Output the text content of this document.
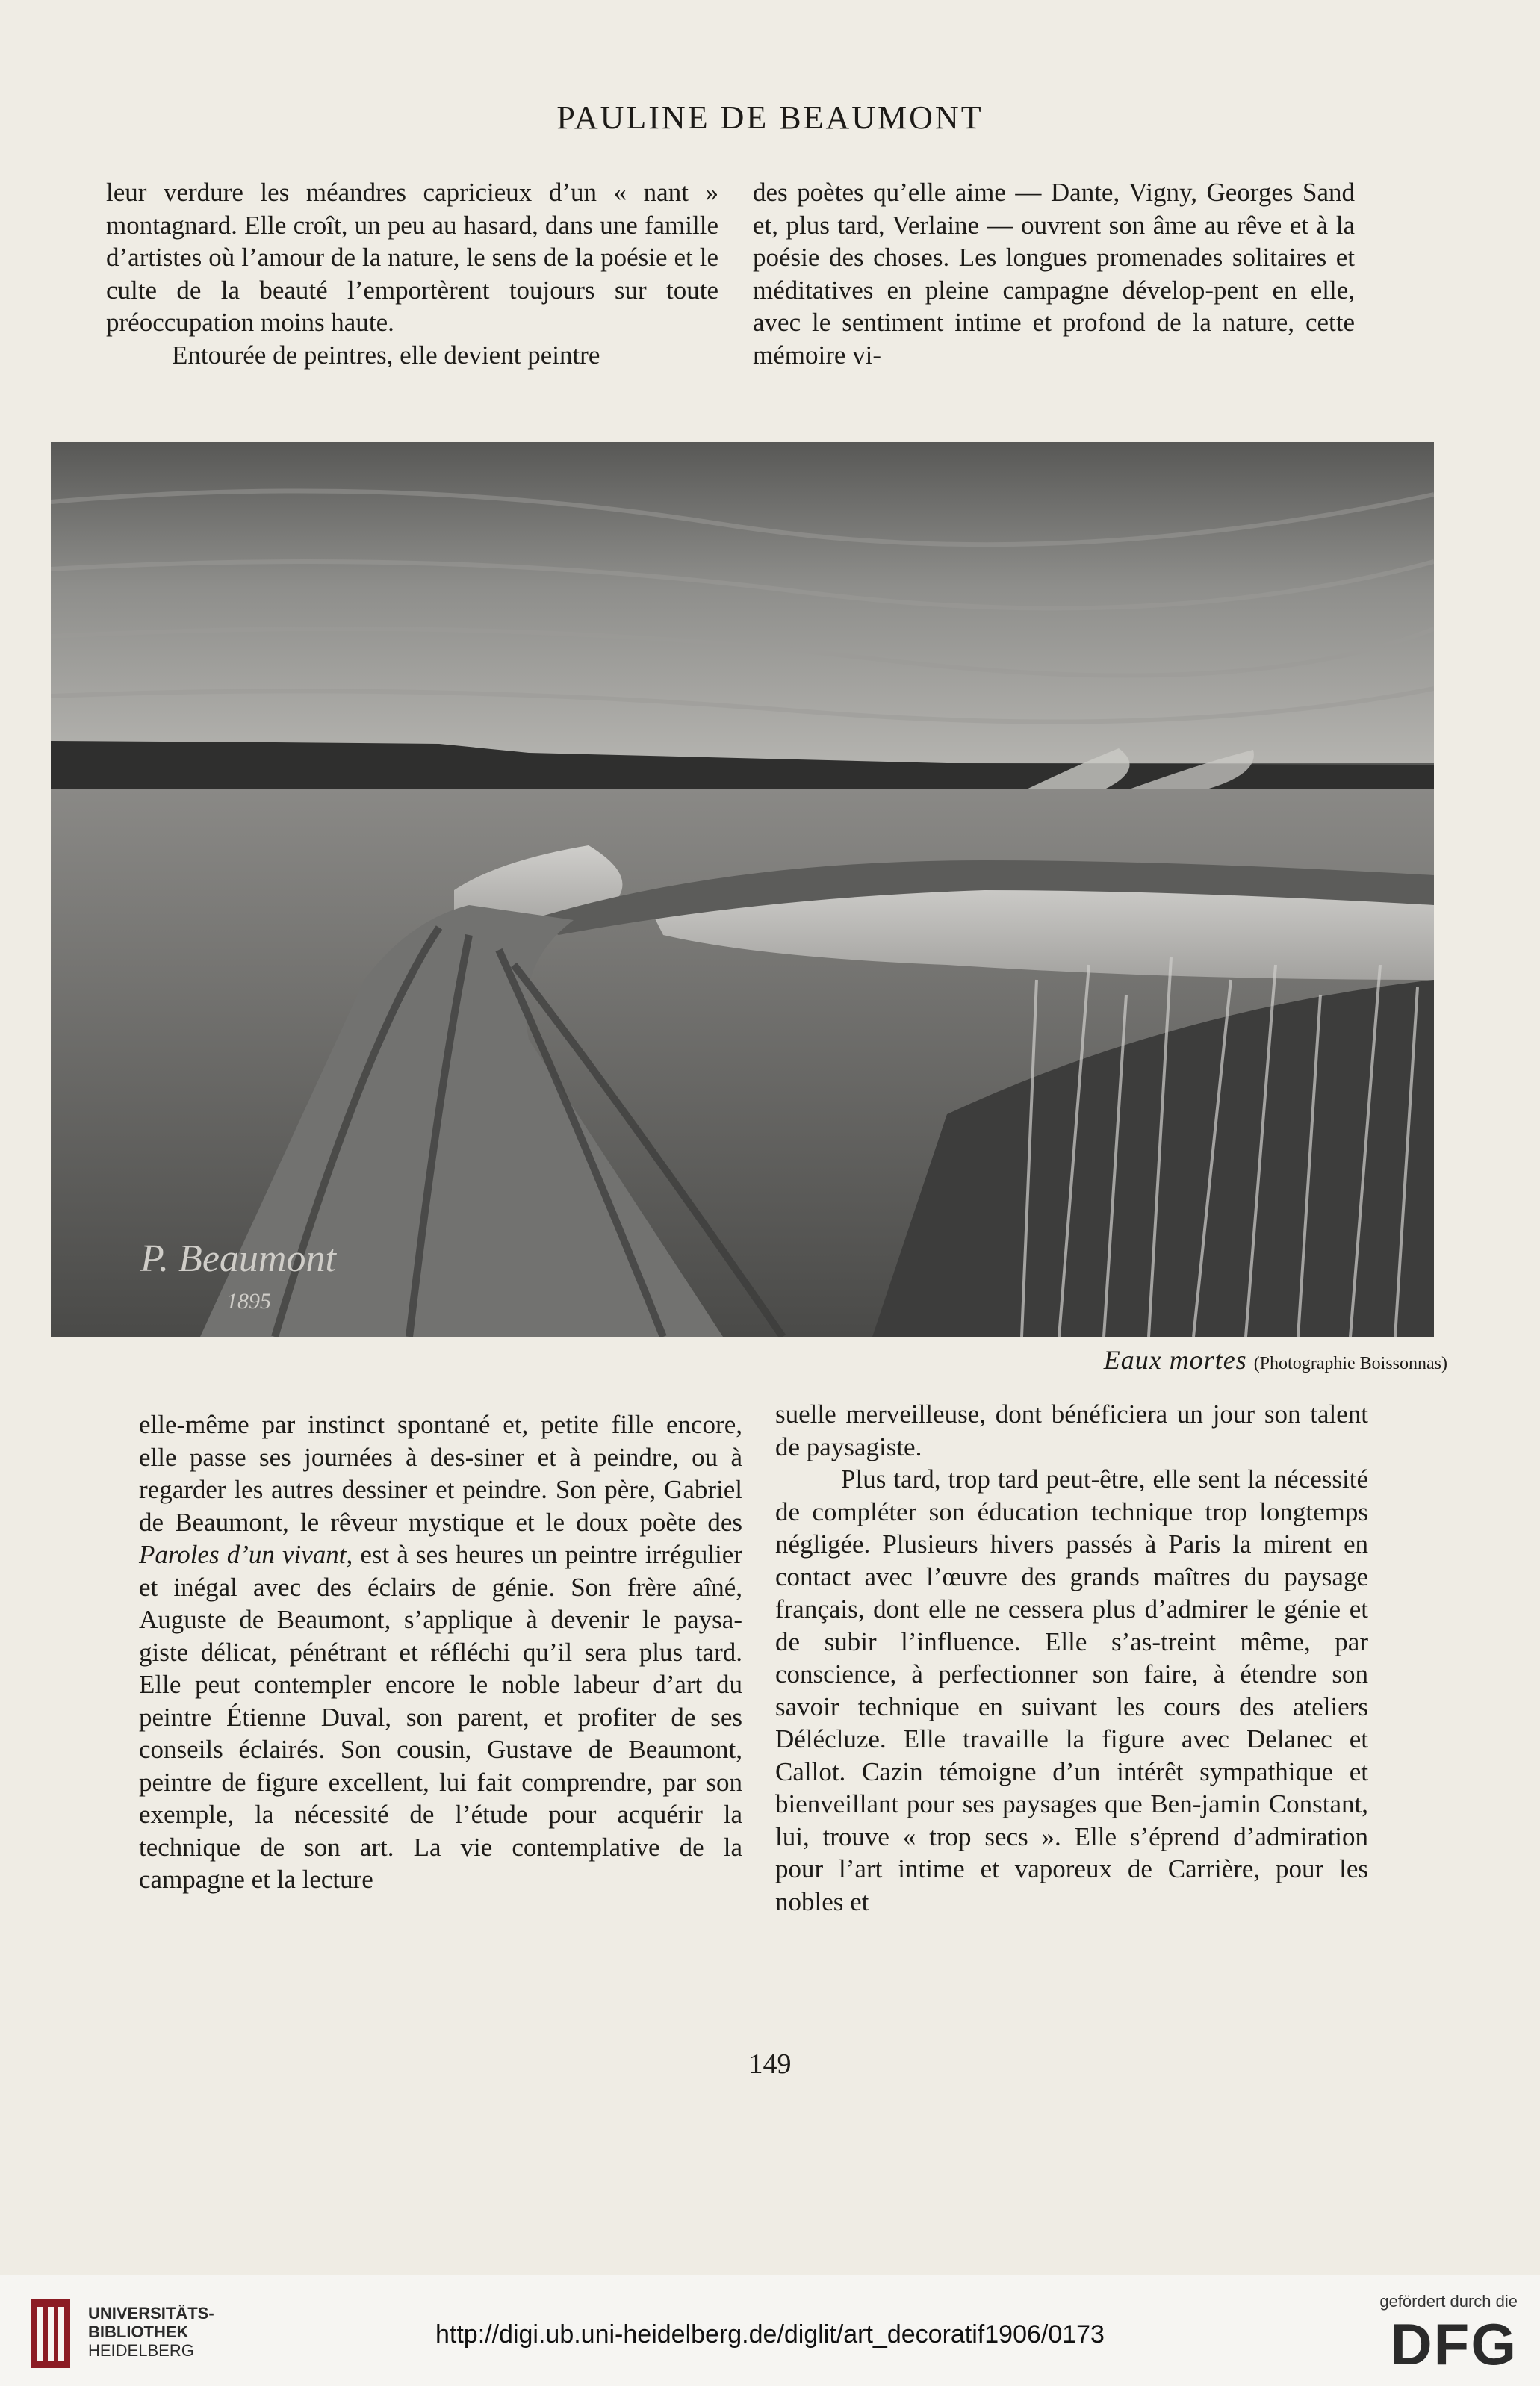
PAULINE DE BEAUMONT

leur verdure les méandres capricieux d’un « nant » montagnard. Elle croît, un peu au hasard, dans une famille d’artistes où l’amour de la nature, le sens de la poésie et le culte de la beauté l’emportèrent toujours sur toute préoccupation moins haute.

Entourée de peintres, elle devient peintre

des poètes qu’elle aime — Dante, Vigny, Georges Sand et, plus tard, Verlaine — ouvrent son âme au rêve et à la poésie des choses. Les longues promenades solitaires et méditatives en pleine campagne dévelop-pent en elle, avec le sentiment intime et profond de la nature, cette mémoire vi-

P. Beaumont
1895
Eaux mortes (Photographie Boissonnas)

elle-même par instinct spontané et, petite fille encore, elle passe ses journées à des-siner et à peindre, ou à regarder les autres dessiner et peindre. Son père, Gabriel de Beaumont, le rêveur mystique et le doux poète des Paroles d’un vivant, est à ses heures un peintre irrégulier et inégal avec des éclairs de génie. Son frère aîné, Auguste de Beaumont, s’applique à devenir le paysa-giste délicat, pénétrant et réfléchi qu’il sera plus tard. Elle peut contempler encore le noble labeur d’art du peintre Étienne Duval, son parent, et profiter de ses conseils éclairés. Son cousin, Gustave de Beaumont, peintre de figure excellent, lui fait comprendre, par son exemple, la nécessité de l’étude pour acquérir la technique de son art. La vie contemplative de la campagne et la lecture

suelle merveilleuse, dont bénéficiera un jour son talent de paysagiste.

Plus tard, trop tard peut-être, elle sent la nécessité de compléter son éducation technique trop longtemps négligée. Plusieurs hivers passés à Paris la mirent en contact avec l’œuvre des grands maîtres du paysage français, dont elle ne cessera plus d’admirer le génie et de subir l’influence. Elle s’as-treint même, par conscience, à perfectionner son faire, à étendre son savoir technique en suivant les cours des ateliers Délécluze. Elle travaille la figure avec Delanec et Callot. Cazin témoigne d’un intérêt sympathique et bienveillant pour ses paysages que Ben-jamin Constant, lui, trouve « trop secs ». Elle s’éprend d’admiration pour l’art intime et vaporeux de Carrière, pour les nobles et

149
UNIVERSITÄTS-
BIBLIOTHEK
HEIDELBERG
http://digi.ub.uni-heidelberg.de/diglit/art_decoratif1906/0173
gefördert durch die
DFG
